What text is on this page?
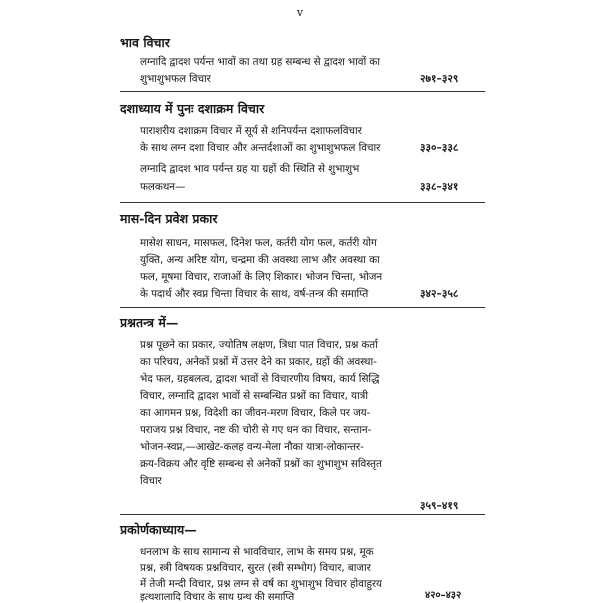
v
भाव विचार
लग्नादि द्वादश पर्यन्त भावों का तथा ग्रह सम्बन्ध से द्वादश भावों का
शुभाशुभफल विचार	२७१–३२९
दशाध्याय में पुनः दशाक्रम विचार
पाराशरीय दशाक्रम विचार में सूर्य से शनिपर्यन्त दशाफलविचार
के साथ लग्न दशा विचार और अन्तर्दशाओं का शुभाशुभफल विचार	३३०–३३८
लग्नादि द्वादश भाव पर्यन्त ग्रह या ग्रहों की स्थिति से शुभाशुभ
फलकथन—	३३८–३४१
मास-दिन प्रवेश प्रकार
मासेश साधन, मासफल, दिनेश फल, कर्तरी योग फल, कर्तरी योग
युक्ति, अन्य अरिष्ट योग, चन्द्रमा की अवस्था लाभ और अवस्था का
फल, मूषमा विचार, राजाओं के लिए शिकार। भोजन चिन्ता, भोजन
के पदार्थ और स्वप्न चिन्ता विचार के साथ, वर्ष-तन्त्र की समाप्ति	३४२–३५८
प्रश्नतन्त्र में—
प्रश्न पूछने का प्रकार, ज्योतिष लक्षण, त्रिधा पात विचार, प्रश्न कर्ता
का परिचय, अनेकों प्रश्नों में उत्तर देने का प्रकार, ग्रहों की अवस्था-
भेद फल, ग्रहबलत्व, द्वादश भावों से विचारणीय विषय, कार्य सिद्धि
विचार, लग्नादि द्वादश भावों से सम्बन्धित प्रश्नों का विचार, यात्री
का आगमन प्रश्न, विदेशी का जीवन-मरण विचार, किले पर जय-
पराजय प्रश्न विचार, नष्ट की चोरी से गए धन का विचार, सन्तान-
भोजन-स्वप्न,—आखेट-कलह वन्य-मेला नौका यात्रा-लोकान्तर-
क्रय-विक्रय और वृष्टि सम्बन्ध से अनेकों प्रश्नों का शुभाशुभ सविस्तृत
विचार
३५९–४१९
प्रकोर्णकाध्याय—
धनलाभ के साथ सामान्य से भावविचार, लाभ के समय प्रश्न, मूक
प्रश्न, स्त्री विषयक प्रश्नविचार, सुरत (स्त्री सम्भोग) विचार, बाजार
में तेजी मन्दी विचार, प्रश्न लग्न से वर्ष का शुभाशुभ विचार होवाहुरय
इत्थशालादि विचार के साथ ग्रन्थ की समाप्ति	४२०–४३२
